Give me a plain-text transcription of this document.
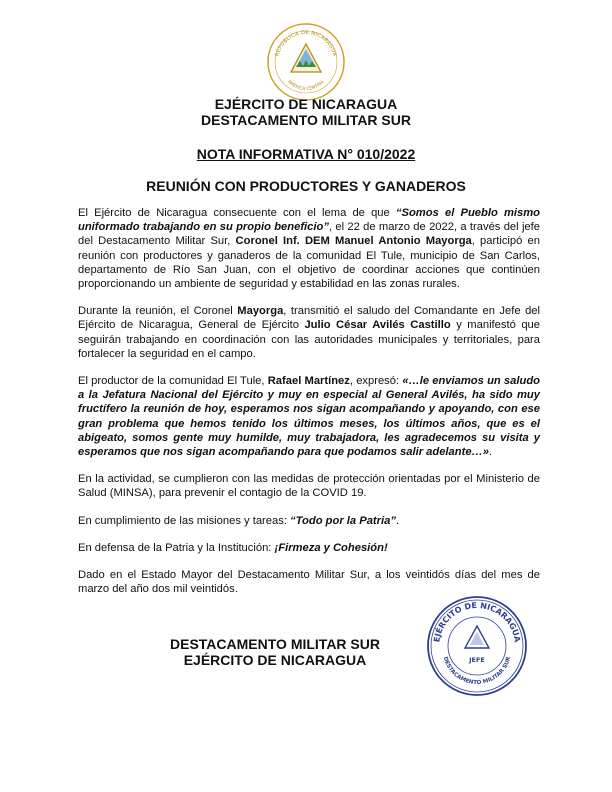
REPÚBLICA DE NICARAGUA
AMÉRICA CENTRAL
EJÉRCITO DE NICARAGUA
DESTACAMENTO MILITAR SUR
NOTA INFORMATIVA N° 010/2022
REUNIÓN CON PRODUCTORES Y GANADEROS

El Ejército de Nicaragua consecuente con el lema de que “Somos el Pueblo mismo uniformado trabajando en su propio beneficio”, el 22 de marzo de 2022, a través del jefe del Destacamento Militar Sur, Coronel Inf. DEM Manuel Antonio Mayorga, participó en reunión con productores y ganaderos de la comunidad El Tule, municipio de San Carlos, departamento de Río San Juan, con el objetivo de coordinar acciones que continúen proporcionando un ambiente de seguridad y estabilidad en las zonas rurales.

Durante la reunión, el Coronel Mayorga, transmitió el saludo del Comandante en Jefe del Ejército de Nicaragua, General de Ejército Julio César Avilés Castillo y manifestó que seguirán trabajando en coordinación con las autoridades municipales y territoriales, para fortalecer la seguridad en el campo.

El productor de la comunidad El Tule, Rafael Martínez, expresó: «…le enviamos un saludo a la Jefatura Nacional del Ejército y muy en especial al General Avilés, ha sido muy fructífero la reunión de hoy, esperamos nos sigan acompañando y apoyando, con ese gran problema que hemos tenido los últimos meses, los últimos años, que es el abigeato, somos gente muy humilde, muy trabajadora, les agradecemos su visita y esperamos que nos sigan acompañando para que podamos salir adelante…».

En la actividad, se cumplieron con las medidas de protección orientadas por el Ministerio de Salud (MINSA), para prevenir el contagio de la COVID 19.

En cumplimiento de las misiones y tareas: “Todo por la Patria”.

En defensa de la Patria y la Institución: ¡Firmeza y Cohesión!

Dado en el Estado Mayor del Destacamento Militar Sur, a los veintidós días del mes de marzo del año dos mil veintidós.

DESTACAMENTO MILITAR SUR
EJÉRCITO DE NICARAGUA
EJÉRCITO DE NICARAGUA
DESTACAMENTO MILITAR SUR
JEFE
